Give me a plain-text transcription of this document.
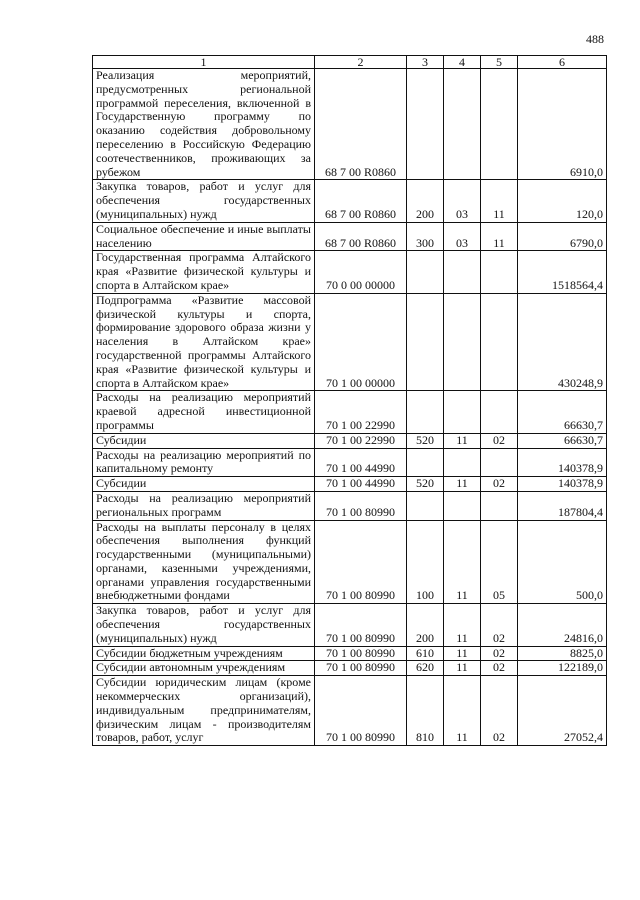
488
1	2	3	4	5	6
Реализация мероприятий, предусмотренных региональной программой переселения, включенной в Государственную программу по оказанию содействия добровольному переселению в Российскую Федерацию соотечественников, проживающих за рубежом	68 7 00 R0860				6910,0
Закупка товаров, работ и услуг для обеспечения государственных (муниципальных) нужд	68 7 00 R0860	200	03	11	120,0
Социальное обеспечение и иные выплаты населению	68 7 00 R0860	300	03	11	6790,0
Государственная программа Алтайского края «Развитие физической культуры и спорта в Алтайском крае»	70 0 00 00000				1518564,4
Подпрограмма «Развитие массовой физической культуры и спорта, формирование здорового образа жизни у населения в Алтайском крае» государственной программы Алтайского края «Развитие физической культуры и спорта в Алтайском крае»	70 1 00 00000				430248,9
Расходы на реализацию мероприятий краевой адресной инвестиционной программы	70 1 00 22990				66630,7
Субсидии	70 1 00 22990	520	11	02	66630,7
Расходы на реализацию мероприятий по капитальному ремонту	70 1 00 44990				140378,9
Субсидии	70 1 00 44990	520	11	02	140378,9
Расходы на реализацию мероприятий региональных программ	70 1 00 80990				187804,4
Расходы на выплаты персоналу в целях обеспечения выполнения функций государственными (муниципальными) органами, казенными учреждениями, органами управления государственными внебюджетными фондами	70 1 00 80990	100	11	05	500,0
Закупка товаров, работ и услуг для обеспечения государственных (муниципальных) нужд	70 1 00 80990	200	11	02	24816,0
Субсидии бюджетным учреждениям	70 1 00 80990	610	11	02	8825,0
Субсидии автономным учреждениям	70 1 00 80990	620	11	02	122189,0
Субсидии юридическим лицам (кроме некоммерческих организаций), индивидуальным предпринимателям, физическим лицам - производителям товаров, работ, услуг	70 1 00 80990	810	11	02	27052,4
